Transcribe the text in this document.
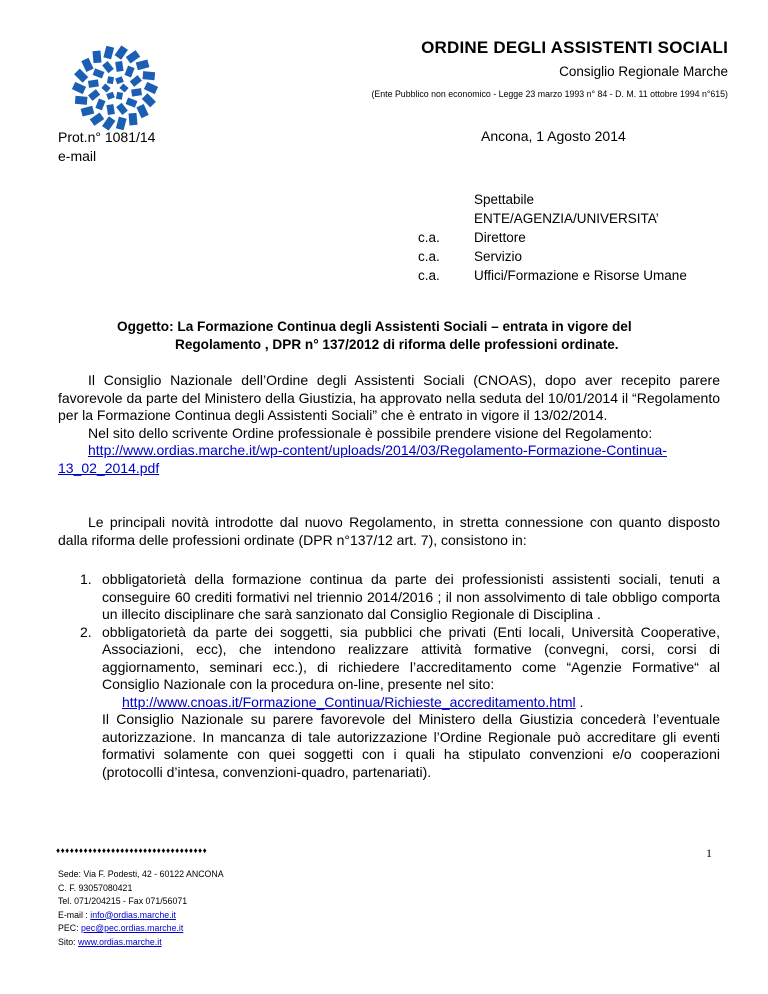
ORDINE DEGLI ASSISTENTI SOCIALI
Consiglio Regionale Marche
(Ente Pubblico non economico - Legge 23 marzo 1993 n° 84 - D. M. 11 ottobre 1994 n°615)
Prot.n° 1081/14
e-mail
Ancona, 1 Agosto 2014
c.a.
c.a.
c.a.
Spettabile
ENTE/AGENZIA/UNIVERSITA’
Direttore
Servizio
Uffici/Formazione e Risorse Umane
Oggetto: La Formazione Continua degli Assistenti Sociali – entrata in vigore del
Regolamento , DPR n° 137/2012 di riforma delle professioni ordinate.
Il Consiglio Nazionale dell’Ordine degli Assistenti Sociali (CNOAS), dopo aver recepito parere favorevole da parte del Ministero della Giustizia, ha approvato nella seduta del 10/01/2014 il “Regolamento per la Formazione Continua degli Assistenti Sociali” che è entrato in vigore il 13/02/2014.
Nel sito dello scrivente Ordine professionale è possibile prendere visione del Regolamento:
http://www.ordias.marche.it/wp-content/uploads/2014/03/Regolamento-Formazione-Continua-13_02_2014.pdf
Le principali novità introdotte dal nuovo Regolamento, in stretta connessione con quanto disposto dalla riforma delle professioni ordinate (DPR n°137/12 art. 7), consistono in:
1. obbligatorietà della formazione continua da parte dei professionisti assistenti sociali, tenuti a conseguire 60 crediti formativi nel triennio 2014/2016 ; il non assolvimento di tale obbligo comporta un illecito disciplinare che sarà sanzionato dal Consiglio Regionale di Disciplina .
2. obbligatorietà da parte dei soggetti, sia pubblici che privati (Enti locali, Università Cooperative, Associazioni, ecc), che intendono realizzare attività formative (convegni, corsi, corsi di aggiornamento, seminari ecc.), di richiedere l’accreditamento come “Agenzie Formative“ al Consiglio Nazionale con la procedura on-line, presente nel sito:
http://www.cnoas.it/Formazione_Continua/Richieste_accreditamento.html .
Il Consiglio Nazionale su parere favorevole del Ministero della Giustizia concederà l’eventuale autorizzazione. In mancanza di tale autorizzazione l’Ordine Regionale può accreditare gli eventi formativi solamente con quei soggetti con i quali ha stipulato convenzioni e/o cooperazioni (protocolli d’intesa, convenzioni-quadro, partenariati).
♦♦♦♦♦♦♦♦♦♦♦♦♦♦♦♦♦♦♦♦♦♦♦♦♦♦♦♦♦♦♦♦♦	1
Sede: Via F. Podesti, 42 - 60122 ANCONA
C. F. 93057080421
Tel. 071/204215 - Fax 071/56071
E-mail : info@ordias.marche.it
PEC: pec@pec.ordias.marche.it
Sito: www.ordias.marche.it
